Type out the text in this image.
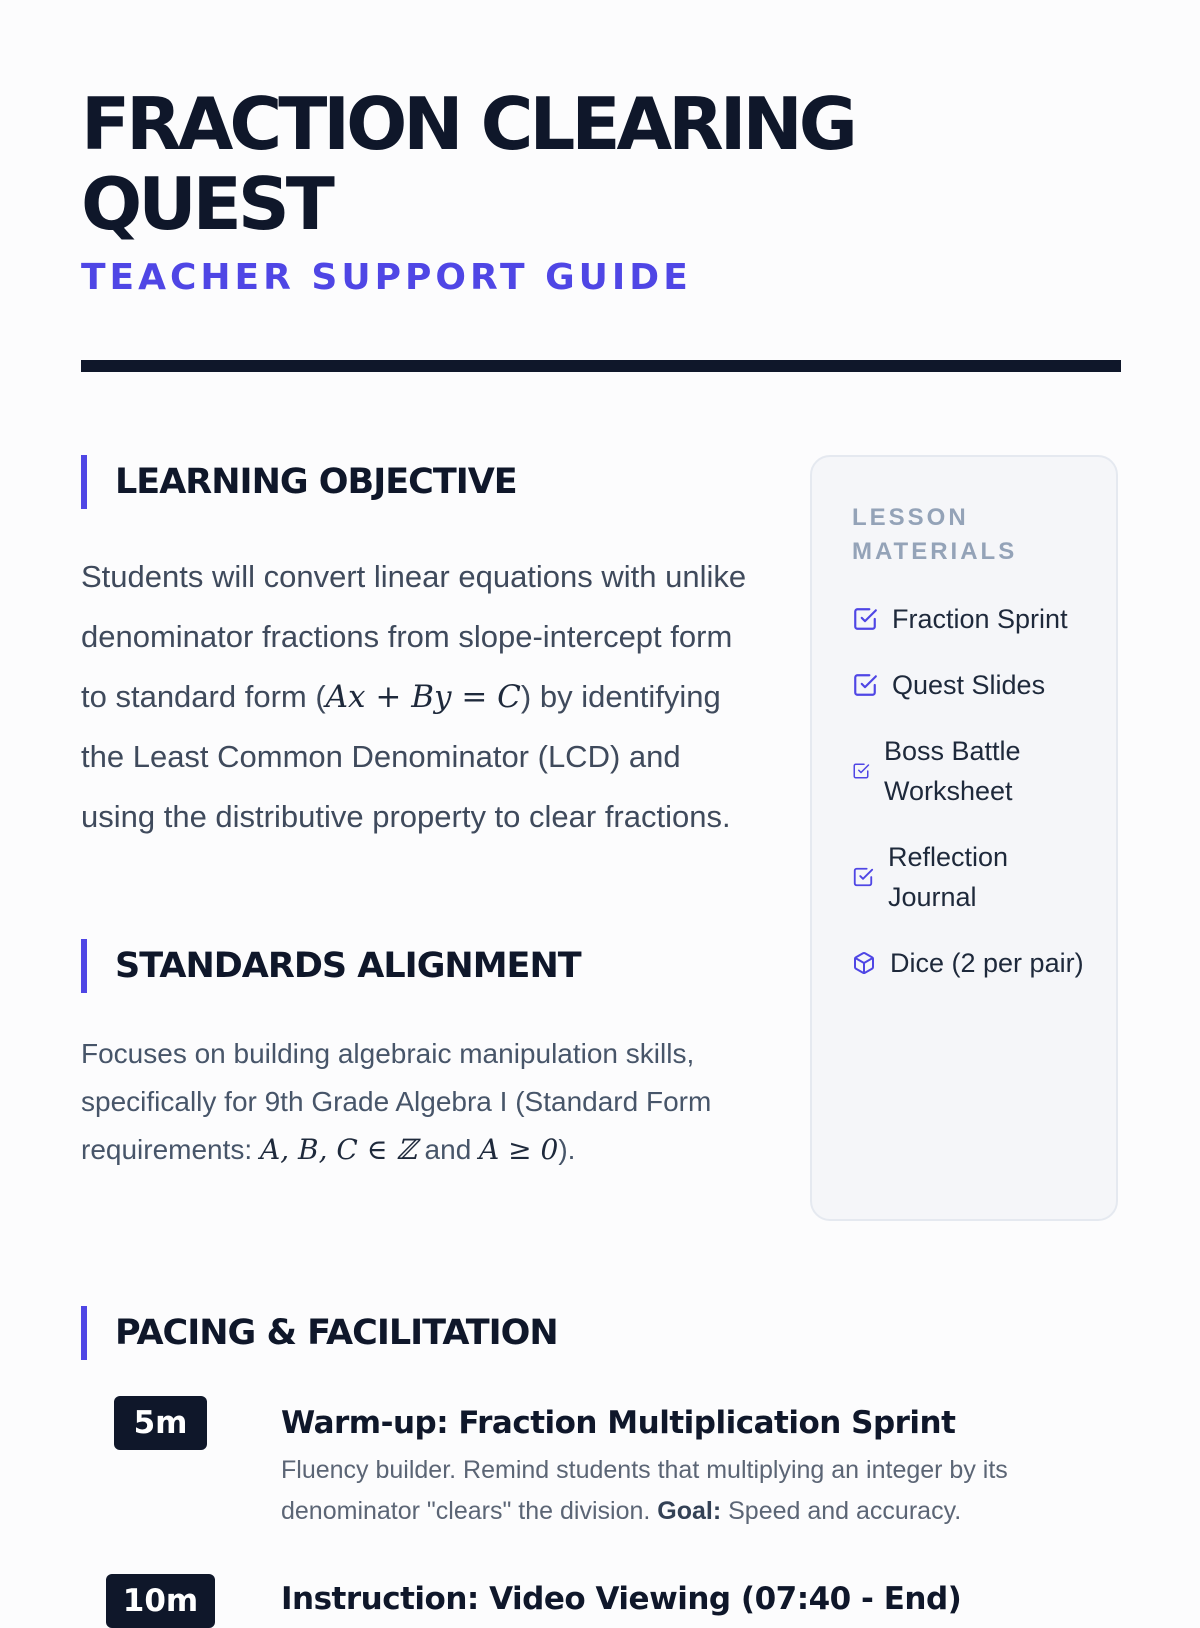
FRACTION CLEARING QUEST
TEACHER SUPPORT GUIDE
LEARNING OBJECTIVE

Students will convert linear equations with unlike denominator fractions from slope-intercept form to standard form (Ax + By = C) by identifying the Least Common Denominator (LCD) and using the distributive property to clear fractions.

STANDARDS ALIGNMENT

Focuses on building algebraic manipulation skills, specifically for 9th Grade Algebra I (Standard Form requirements: A, B, C ∈ ℤ and A ≥ 0).

LESSON MATERIALS
Fraction Sprint
Quest Slides
Boss Battle Worksheet
Reflection Journal
Dice (2 per pair)
PACING & FACILITATION
5m	Warm-up: Fraction Multiplication Sprint

Fluency builder. Remind students that multiplying an integer by its denominator "clears" the division. Goal: Speed and accuracy.

10m	Instruction: Video Viewing (07:40 - End)
